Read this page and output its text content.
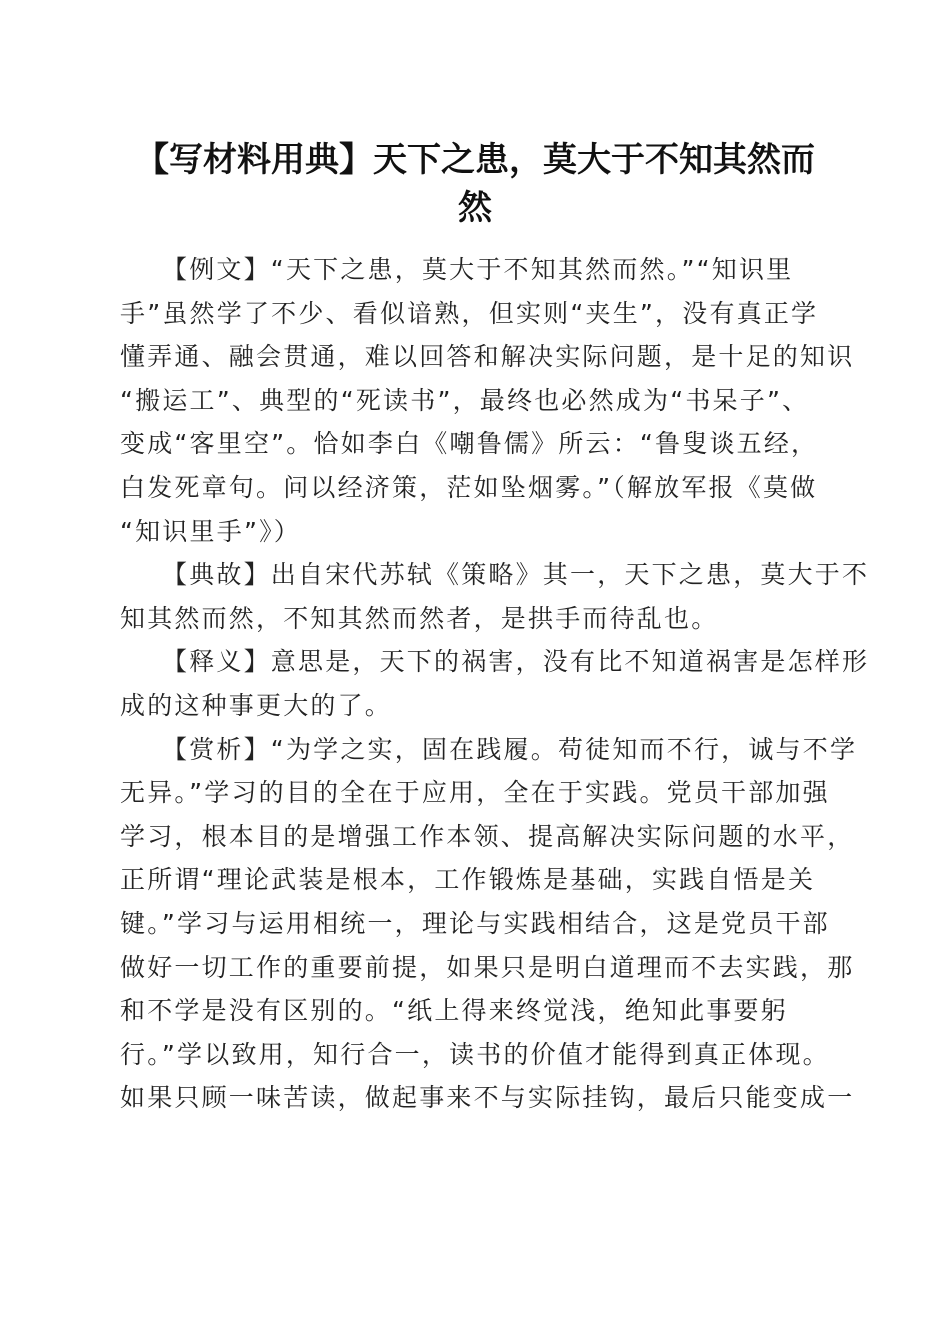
【写材料用典】天下之患，莫大于不知其然而
然
【例文】“天下之患，莫大于不知其然而然。”“知识里
手”虽然学了不少、看似谙熟，但实则“夹生”，没有真正学
懂弄通、融会贯通，难以回答和解决实际问题，是十足的知识
“搬运工”、典型的“死读书”，最终也必然成为“书呆子”、
变成“客里空”。恰如李白《嘲鲁儒》所云：“鲁叟谈五经，
白发死章句。问以经济策，茫如坠烟雾。”（解放军报《莫做
“知识里手”》）
【典故】出自宋代苏轼《策略》其一，天下之患，莫大于不
知其然而然，不知其然而然者，是拱手而待乱也。
【释义】意思是，天下的祸害，没有比不知道祸害是怎样形
成的这种事更大的了。
【赏析】“为学之实，固在践履。苟徒知而不行，诚与不学
无异。”学习的目的全在于应用，全在于实践。党员干部加强
学习，根本目的是增强工作本领、提高解决实际问题的水平，
正所谓“理论武装是根本，工作锻炼是基础，实践自悟是关
键。”学习与运用相统一，理论与实践相结合，这是党员干部
做好一切工作的重要前提，如果只是明白道理而不去实践，那
和不学是没有区别的。“纸上得来终觉浅，绝知此事要躬
行。”学以致用，知行合一，读书的价值才能得到真正体现。
如果只顾一味苦读，做起事来不与实际挂钩，最后只能变成一
